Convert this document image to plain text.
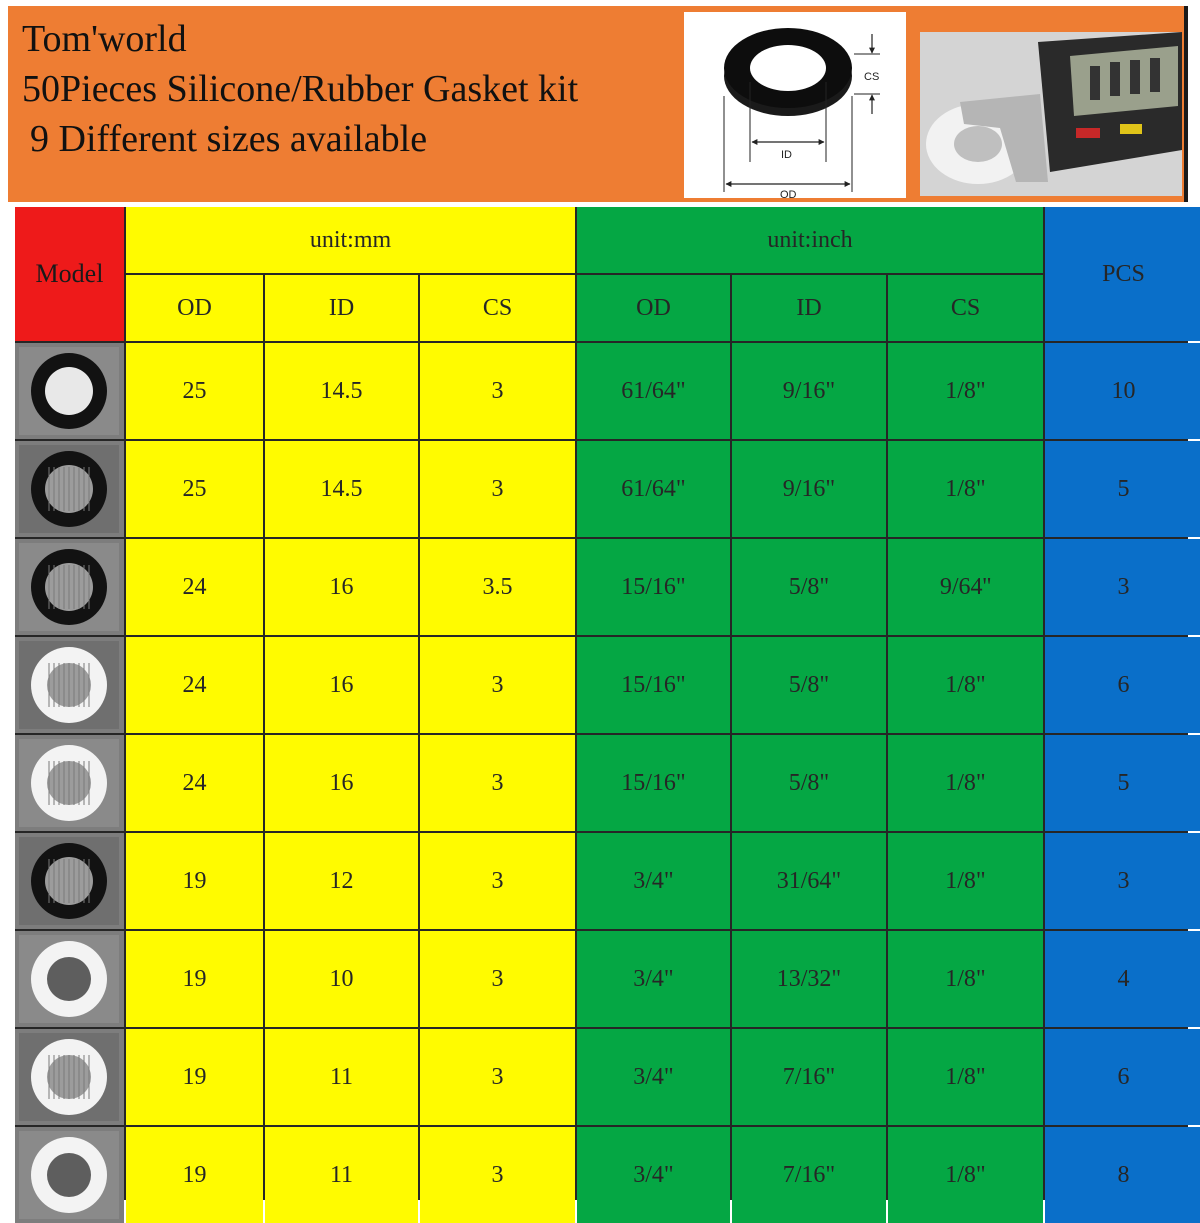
Tom'world
50Pieces Silicone/Rubber Gasket kit
9 Different sizes available
CS
ID
OD
Model
unit:mm	unit:inch
PCS
OD	ID	CS	OD	ID	CS
25	14.5	3	61/64"	9/16"	1/8"	10
25	14.5	3	61/64"	9/16"	1/8"	5
24	16	3.5	15/16"	5/8"	9/64''	3
24	16	3	15/16"	5/8"	1/8"	6
24	16	3	15/16"	5/8"	1/8"	5
19	12	3	3/4"	31/64"	1/8"	3
19	10	3	3/4"	13/32"	1/8"	4
19	11	3	3/4"	7/16"	1/8"	6
19	11	3	3/4"	7/16"	1/8"	8
